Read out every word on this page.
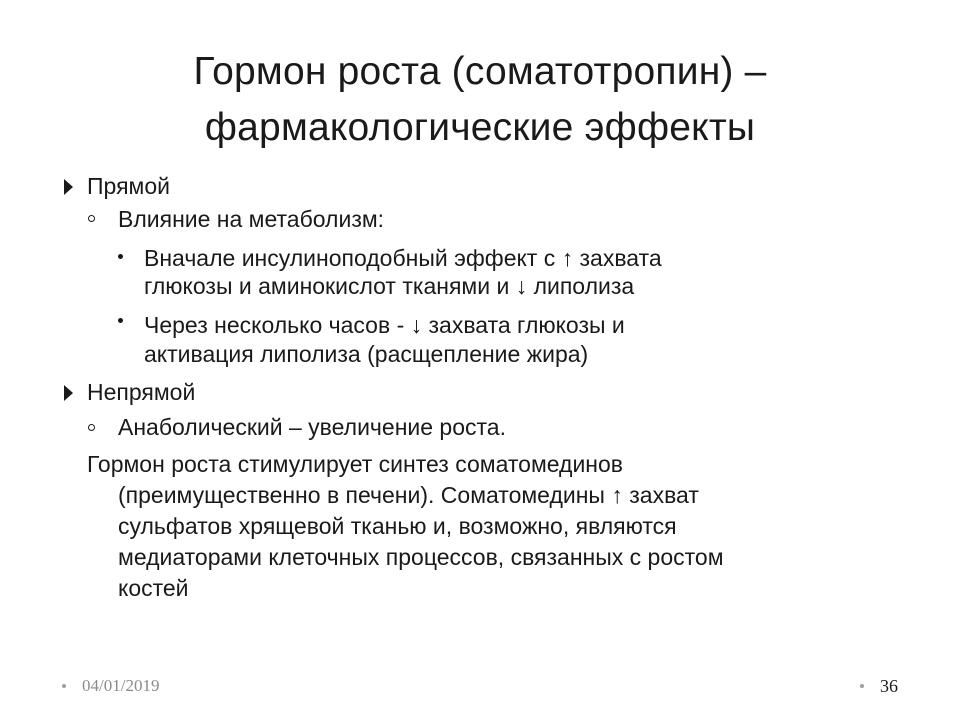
Гормон роста (соматотропин) –
фармакологические эффекты
Прямой
Влияние на метаболизм:
Вначале инсулиноподобный эффект с ↑ захвата
глюкозы и аминокислот тканями и ↓ липолиза
Через несколько часов - ↓ захвата глюкозы и
активация липолиза (расщепление жира)
Непрямой
Анаболический – увеличение роста.
Гормон роста стимулирует синтез соматомединов
(преимущественно в печени). Соматомедины ↑ захват
сульфатов хрящевой тканью и, возможно, являются
медиаторами клеточных процессов, связанных с ростом
костей
04/01/2019	36
